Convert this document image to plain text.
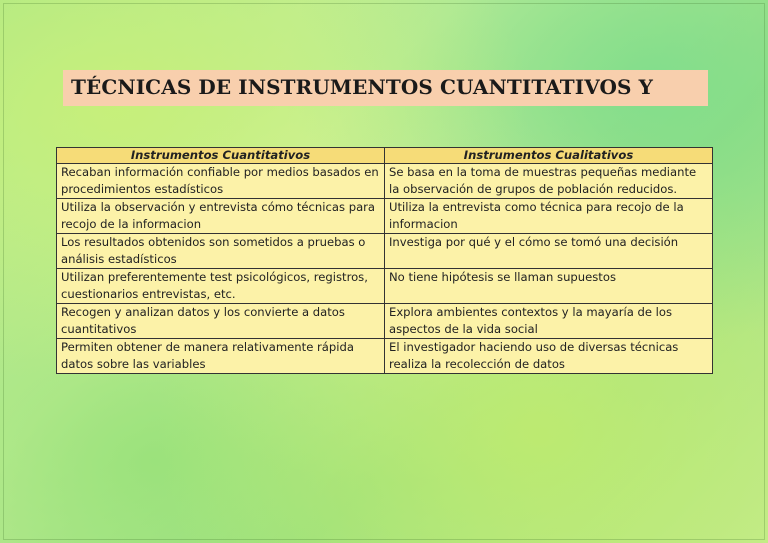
TÉCNICAS DE INSTRUMENTOS CUANTITATIVOS Y
Instrumentos Cuantitativos	Instrumentos Cualitativos
Recaban información confiable por medios basados en procedimientos estadísticos	Se basa en la toma de muestras pequeñas mediante la observación de grupos de población reducidos.
Utiliza la observación y entrevista cómo técnicas para recojo de la informacion	Utiliza la entrevista como técnica para recojo de la informacion
Los resultados obtenidos son sometidos a pruebas o análisis estadísticos	Investiga por qué y el cómo se tomó una decisión
Utilizan preferentemente test psicológicos, registros, cuestionarios entrevistas, etc.	No tiene hipótesis se llaman supuestos
Recogen y analizan datos y los convierte a datos cuantitativos	Explora ambientes contextos y la mayaría de los aspectos de la vida social
Permiten obtener de manera relativamente rápida datos sobre las variables	El investigador haciendo uso de diversas técnicas realiza la recolección de datos
